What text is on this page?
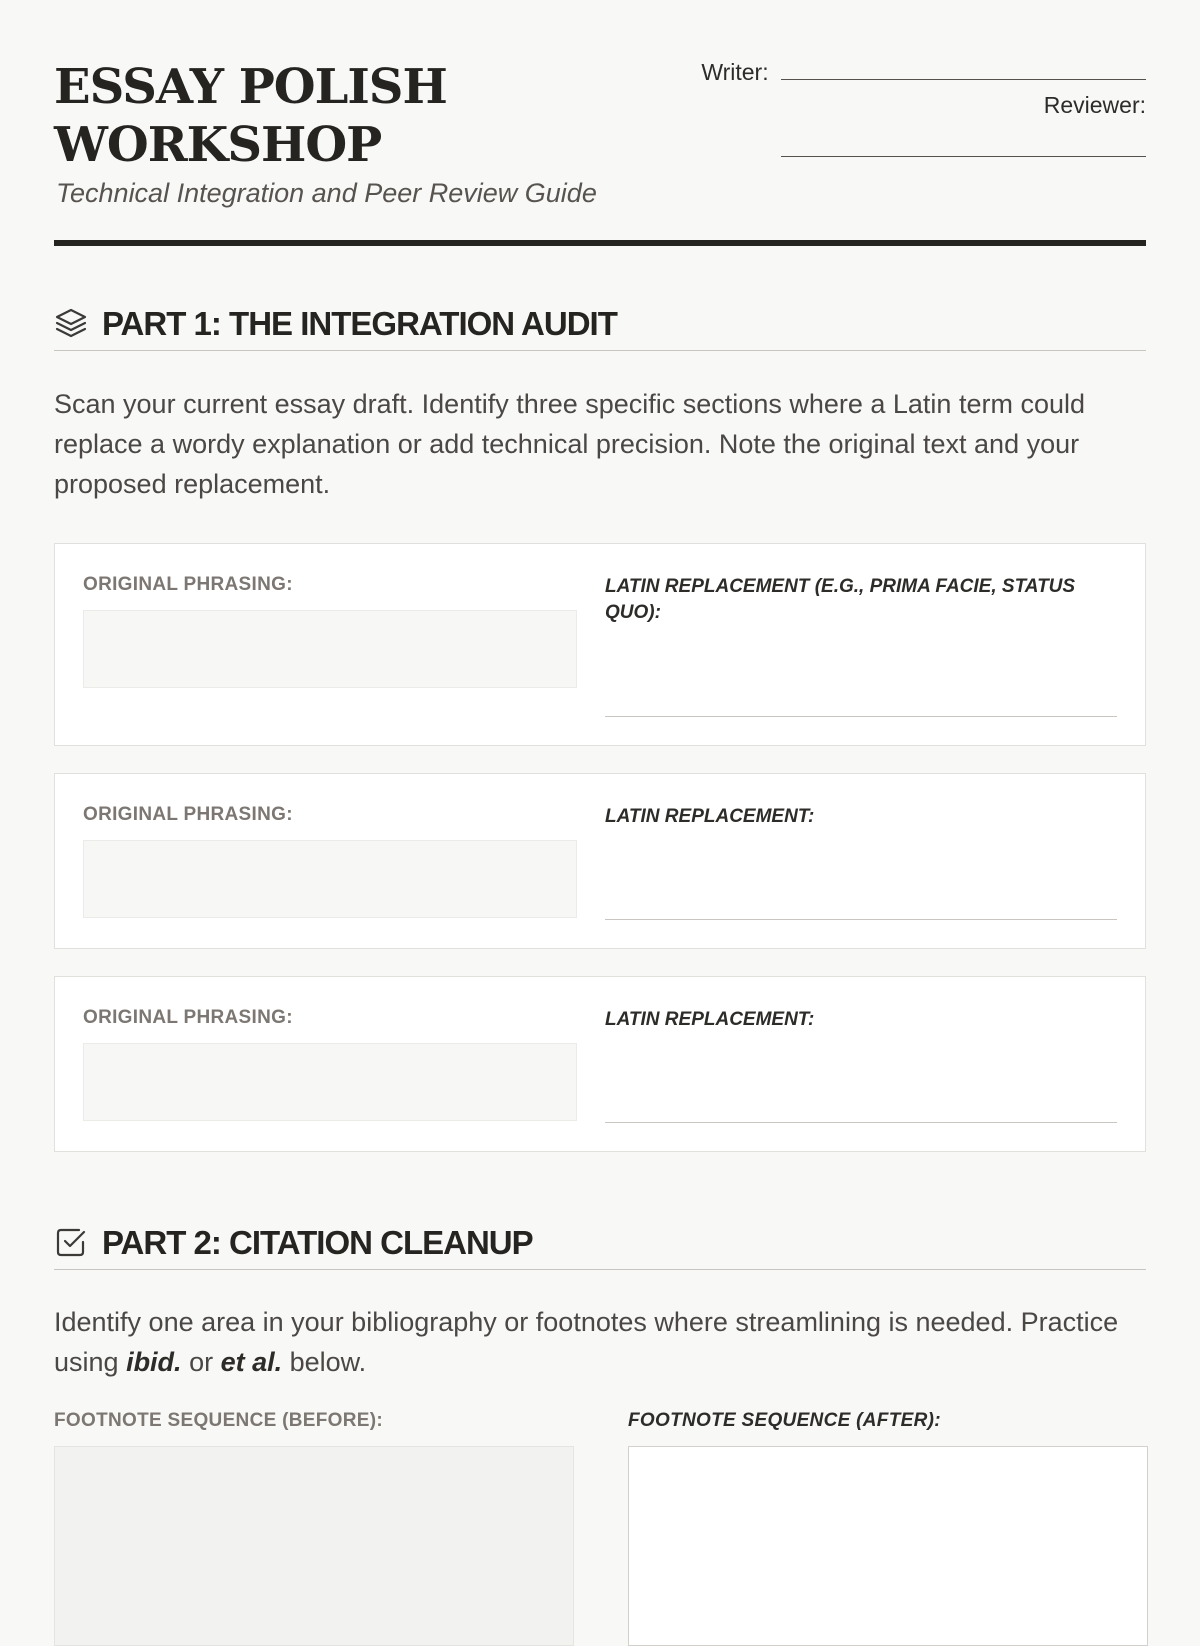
ESSAY POLISH WORKSHOP
Technical Integration and Peer Review Guide
Writer:
Reviewer:
PART 1: THE INTEGRATION AUDIT
Scan your current essay draft. Identify three specific sections where a Latin term could replace a wordy explanation or add technical precision. Note the original text and your proposed replacement.
ORIGINAL PHRASING:	LATIN REPLACEMENT (E.G., PRIMA FACIE, STATUS QUO):
ORIGINAL PHRASING:	LATIN REPLACEMENT:
ORIGINAL PHRASING:	LATIN REPLACEMENT:
PART 2: CITATION CLEANUP
Identify one area in your bibliography or footnotes where streamlining is needed. Practice using ibid. or et al. below.
FOOTNOTE SEQUENCE (BEFORE):	FOOTNOTE SEQUENCE (AFTER):
